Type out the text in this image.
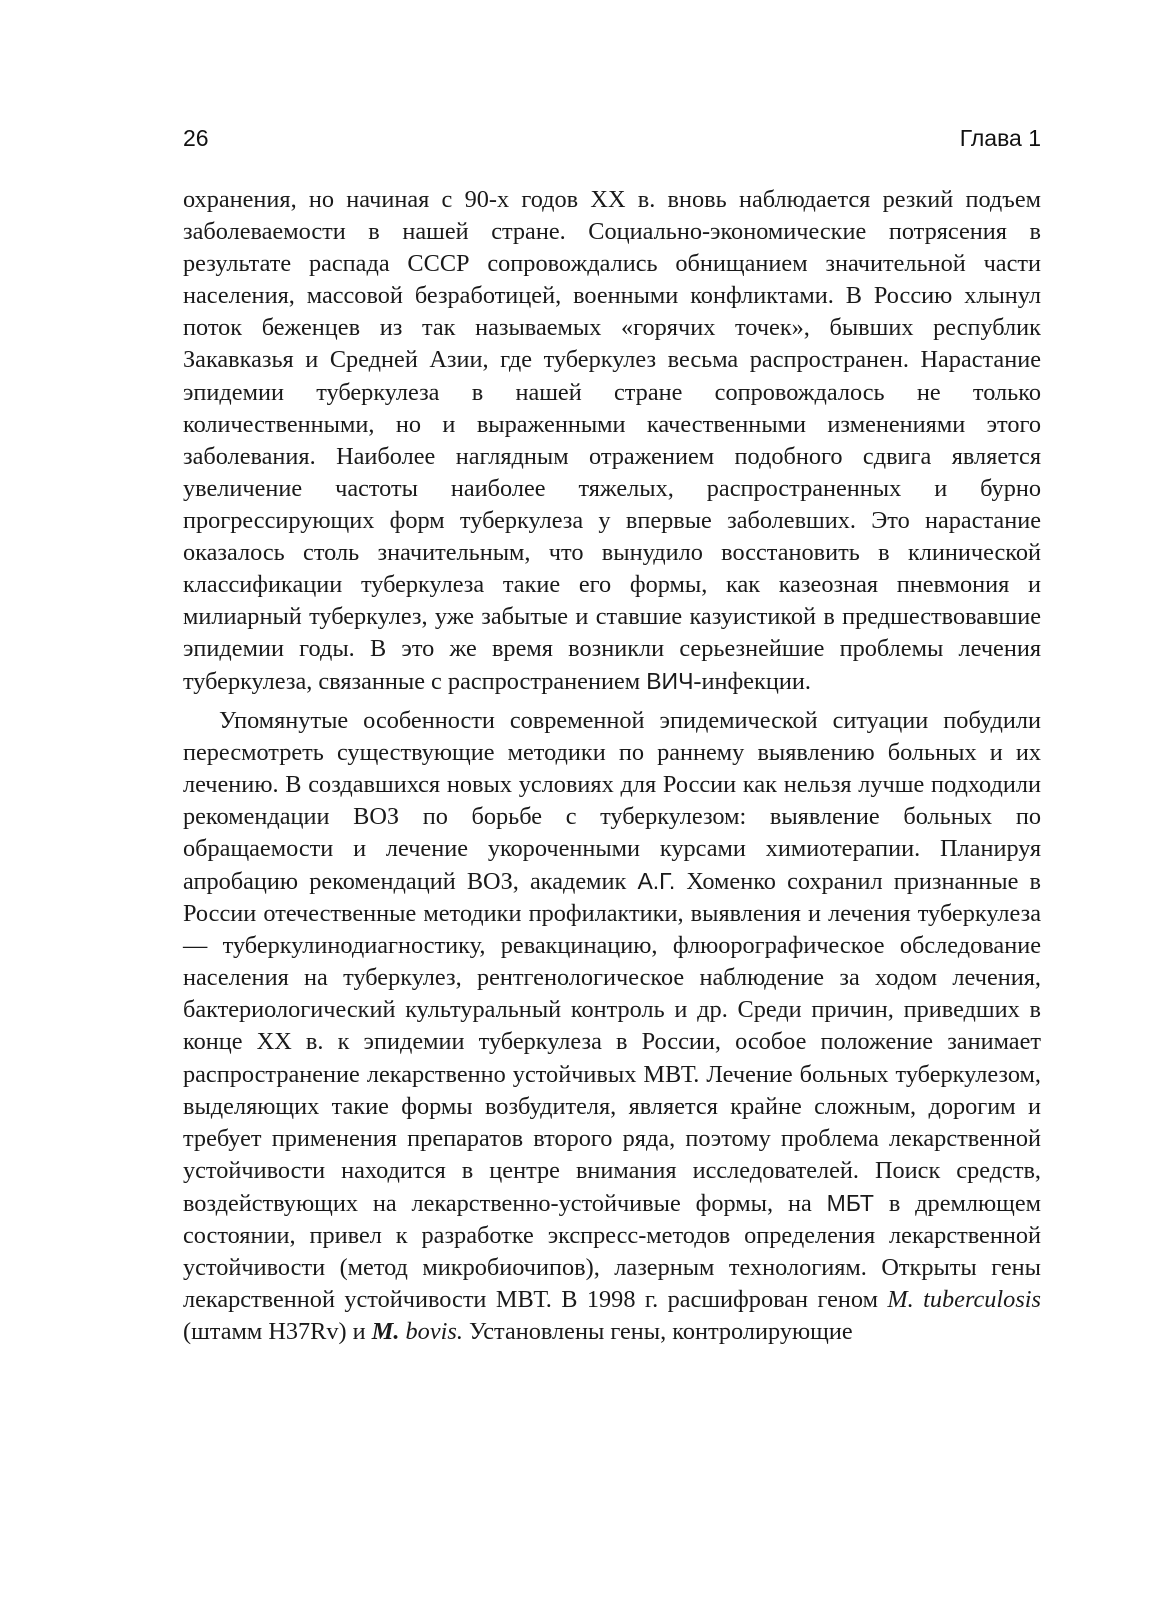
26	Глава 1

охранения, но начиная с 90-х годов XX в. вновь наблюдается резкий подъем заболеваемости в нашей стране. Социально-экономические потрясения в результате распада СССР сопровождались обнищанием значительной части населения, массовой безработицей, военными конфликтами. В Россию хлынул поток беженцев из так называемых «горячих точек», бывших республик Закавказья и Средней Азии, где туберкулез весьма распространен. Нарастание эпидемии туберкулеза в нашей стране сопровождалось не только количественными, но и выраженными качественными изменениями этого заболевания. Наиболее наглядным отражением подобного сдвига является увеличение частоты наиболее тяжелых, распространенных и бурно прогрессирующих форм туберкулеза у впервые заболевших. Это нарастание оказалось столь значительным, что вынудило восстановить в клинической классификации туберкулеза такие его формы, как казеозная пневмония и милиарный туберкулез, уже забытые и ставшие казуистикой в предшествовавшие эпидемии годы. В это же время возникли серьезнейшие проблемы лечения туберкулеза, связанные с распространением ВИЧ-инфекции.

Упомянутые особенности современной эпидемической ситуации побудили пересмотреть существующие методики по раннему выявлению больных и их лечению. В создавшихся новых условиях для России как нельзя лучше подходили рекомендации ВОЗ по борьбе с туберкулезом: выявление больных по обращаемости и лечение укороченными курсами химиотерапии. Планируя апробацию рекомендаций ВОЗ, академик А.Г. Хоменко сохранил признанные в России отечественные методики профилактики, выявления и лечения туберкулеза — туберкулинодиагностику, ревакцинацию, флюорографическое обследование населения на туберкулез, рентгенологическое наблюдение за ходом лечения, бактериологический культуральный контроль и др. Среди причин, приведших в конце XX в. к эпидемии туберкулеза в России, особое положение занимает распространение лекарственно устойчивых МВТ. Лечение больных туберкулезом, выделяющих такие формы возбудителя, является крайне сложным, дорогим и требует применения препаратов второго ряда, поэтому проблема лекарственной устойчивости находится в центре внимания исследователей. Поиск средств, воздействующих на лекарственно-устойчивые формы, на МБТ в дремлющем состоянии, привел к разработке экспресс-методов определения лекарственной устойчивости (метод микробиочипов), лазерным технологиям. Открыты гены лекарственной устойчивости МВТ. В 1998 г. расшифрован геном M. tuberculosis (штамм H37Rv) и M. bovis. Установлены гены, контролирующие
